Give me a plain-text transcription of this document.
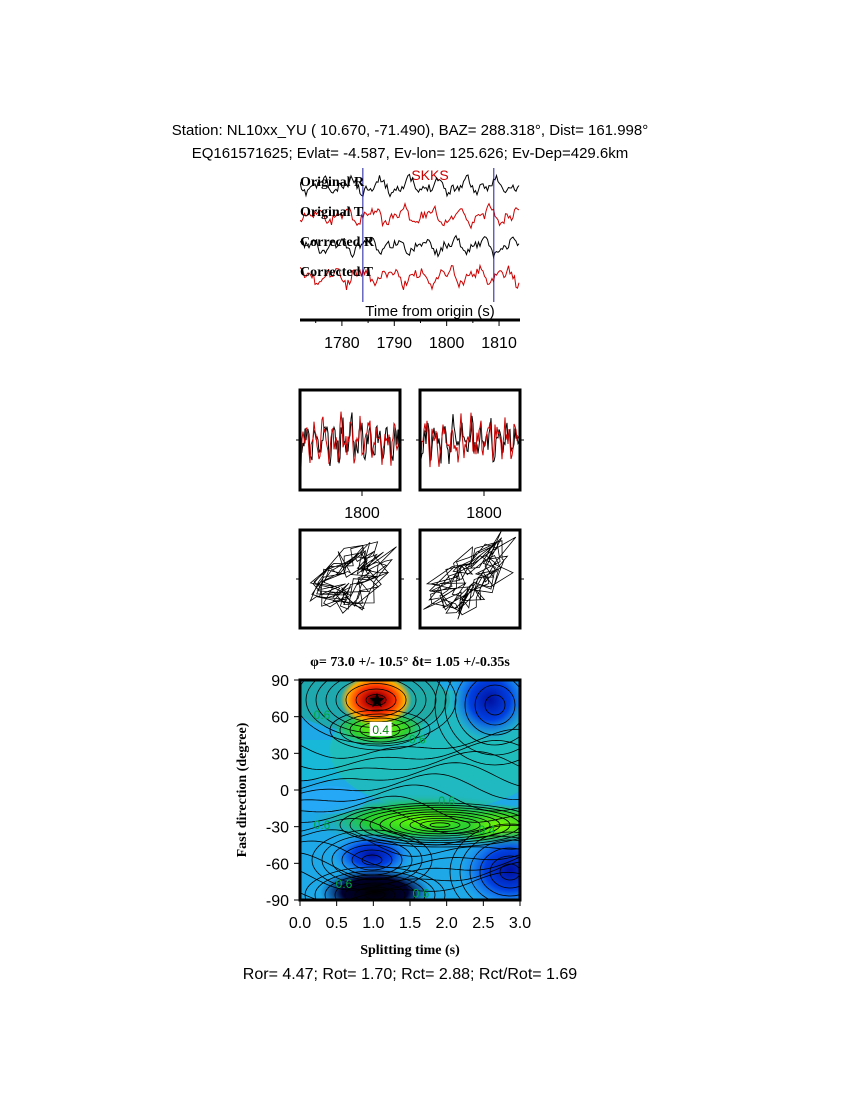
Station: NL10xx_YU ( 10.670, -71.490), BAZ= 288.318°, Dist= 161.998°
EQ161571625; Evlat= -4.587, Ev-lon= 125.626; Ev-Dep=429.6km
SKKS
Original R
Original T
Corrected R
Corrected T
Time from origin (s)
1780 1790 1800 1810
1800	1800
φ= 73.0 +/- 10.5° δt= 1.05 +/-0.35s
0.4
0.6
0.6
0.6
0.4
0.6
0.6
0.6
0.0 0.5 1.0 1.5 2.0 2.5 3.0
90
60
30
0
-30
-60
-90
Splitting time (s)
Fast direction (degree)
Ror= 4.47; Rot= 1.70; Rct= 2.88; Rct/Rot= 1.69
